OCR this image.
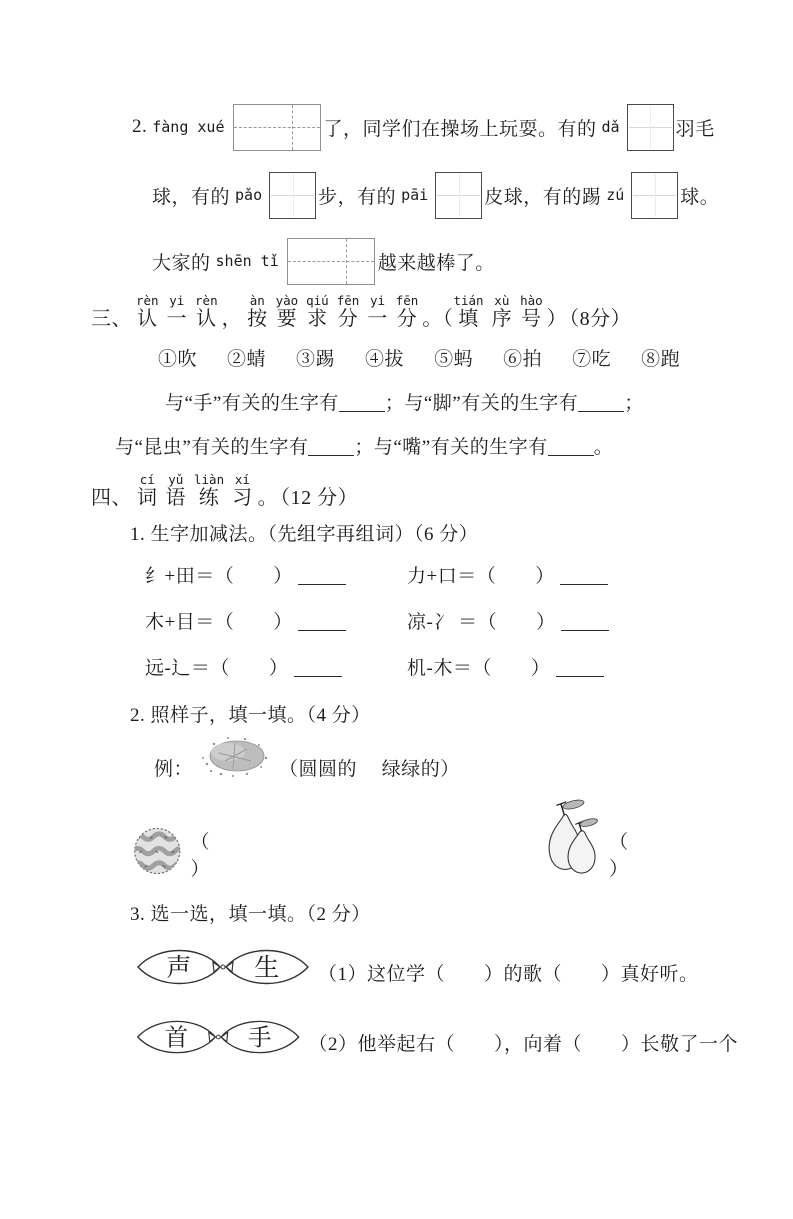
2. fàng xué	了，同学们在操场上玩耍。有的 dǎ	羽毛
球，有的 pǎo	步，有的 pāi	皮球，有的踢 zú	球。
大家的 shēn tǐ	越来越棒了。

三、 认rèn一yi认rèn， 按àn要yào求qiú分fēn一yi分fēn。（填tián序xù号hào） （8分）

①吹 ②蜻 ③踢 ④拔 ⑤蚂 ⑥拍 ⑦吃 ⑧跑
与“手”有关的生字有 ；与“脚”有关的生字有 ；
与“昆虫”有关的生字有 ；与“嘴”有关的生字有 。

四、 词cí语yǔ练liàn习xí。 （12 分）

1. 生字加减法。（先组字再组词）（6 分）

纟+田＝（　　）	力+口＝（　　）
木+目＝（　　）	凉-冫 ＝（　　）
远-辶＝（　　）	机-木＝（　　）

2. 照样子，填一填。（4 分）

例：	（圆圆的　 绿绿的）
（）
（）

3. 选一选，填一填。（2 分）

声 生 （1）这位学（　　）的歌（　　）真好听。
首 手 （2）他举起右（　　），向着（　　）长敬了一个
